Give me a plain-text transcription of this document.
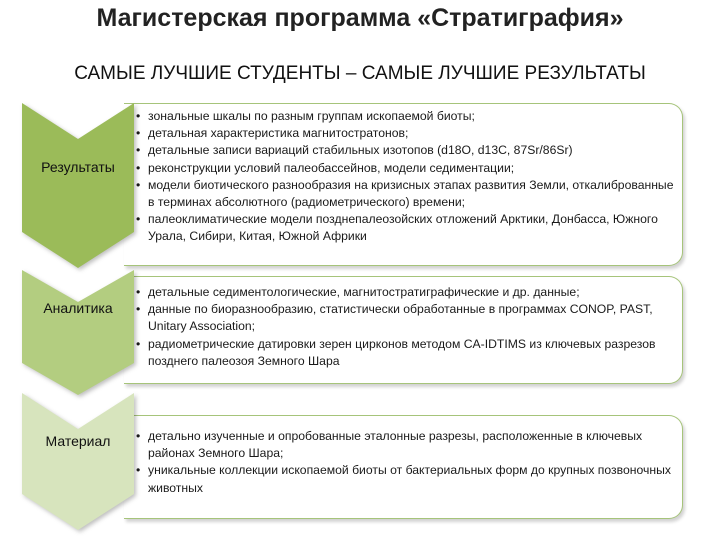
Магистерская программа «Стратиграфия»
САМЫЕ ЛУЧШИЕ СТУДЕНТЫ – САМЫЕ ЛУЧШИЕ РЕЗУЛЬТАТЫ
• зональные шкалы по разным группам ископаемой биоты;
• детальная характеристика магнитостратонов;
• детальные записи вариаций стабильных изотопов (d18O, d13C, 87Sr/86Sr)
• реконструкции условий палеобассейнов, модели седиментации;
• модели биотического разнообразия на кризисных этапах развития Земли, откалиброванные в терминах абсолютного (радиометрического) времени;
• палеоклиматические модели позднепалеозойских отложений Арктики, Донбасса, Южного Урала, Сибири, Китая, Южной Африки
Результаты
• детальные седиментологические, магнитостратиграфические и др. данные;
• данные по биоразнообразию, статистически обработанные в программах CONOP, PAST, Unitary Association;
• радиометрические датировки зерен цирконов методом CA-IDTIMS из ключевых разрезов позднего палеозоя Земного Шара
Аналитика
• детально изученные и опробованные эталонные разрезы, расположенные в ключевых районах Земного Шара;
• уникальные коллекции ископаемой биоты от бактериальных форм до крупных позвоночных животных
Материал
